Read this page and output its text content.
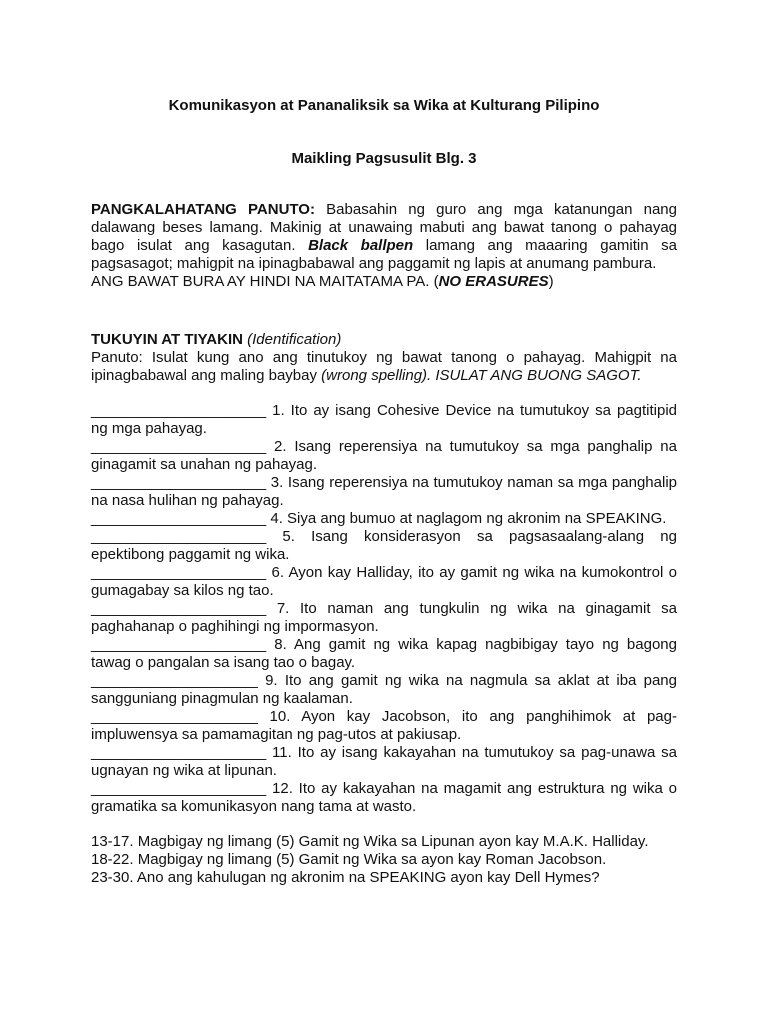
Komunikasyon at Pananaliksik sa Wika at Kulturang Pilipino

Maikling Pagsusulit Blg. 3

PANGKALAHATANG PANUTO: Babasahin ng guro ang mga katanungan nang dalawang beses lamang. Makinig at unawaing mabuti ang bawat tanong o pahayag bago isulat ang kasagutan. Black ballpen lamang ang maaaring gamitin sa pagsasagot; mahigpit na ipinagbabawal ang paggamit ng lapis at anumang pambura.
ANG BAWAT BURA AY HINDI NA MAITATAMA PA. (NO ERASURES)

TUKUYIN AT TIYAKIN (Identification)

Panuto: Isulat kung ano ang tinutukoy ng bawat tanong o pahayag. Mahigpit na ipinagbabawal ang maling baybay (wrong spelling). ISULAT ANG BUONG SAGOT.

_____________________ 1. Ito ay isang Cohesive Device na tumutukoy sa pagtitipid ng mga pahayag.

_____________________ 2. Isang reperensiya na tumutukoy sa mga panghalip na ginagamit sa unahan ng pahayag.

_____________________ 3. Isang reperensiya na tumutukoy naman sa mga panghalip na nasa hulihan ng pahayag.

_____________________ 4. Siya ang bumuo at naglagom ng akronim na SPEAKING.

_____________________ 5. Isang konsiderasyon sa pagsasaalang-alang ng epektibong paggamit ng wika.

_____________________ 6. Ayon kay Halliday, ito ay gamit ng wika na kumokontrol o gumagabay sa kilos ng tao.

_____________________ 7. Ito naman ang tungkulin ng wika na ginagamit sa paghahanap o paghihingi ng impormasyon.

_____________________ 8. Ang gamit ng wika kapag nagbibigay tayo ng bagong tawag o pangalan sa isang tao o bagay.

____________________ 9. Ito ang gamit ng wika na nagmula sa aklat at iba pang sangguniang pinagmulan ng kaalaman.

____________________ 10. Ayon kay Jacobson, ito ang panghihimok at pag-impluwensya sa pamamagitan ng pag-utos at pakiusap.

_____________________ 11. Ito ay isang kakayahan na tumutukoy sa pag-unawa sa ugnayan ng wika at lipunan.

_____________________ 12. Ito ay kakayahan na magamit ang estruktura ng wika o gramatika sa komunikasyon nang tama at wasto.

13-17. Magbigay ng limang (5) Gamit ng Wika sa Lipunan ayon kay M.A.K. Halliday.

18-22. Magbigay ng limang (5) Gamit ng Wika sa ayon kay Roman Jacobson.

23-30. Ano ang kahulugan ng akronim na SPEAKING ayon kay Dell Hymes?
